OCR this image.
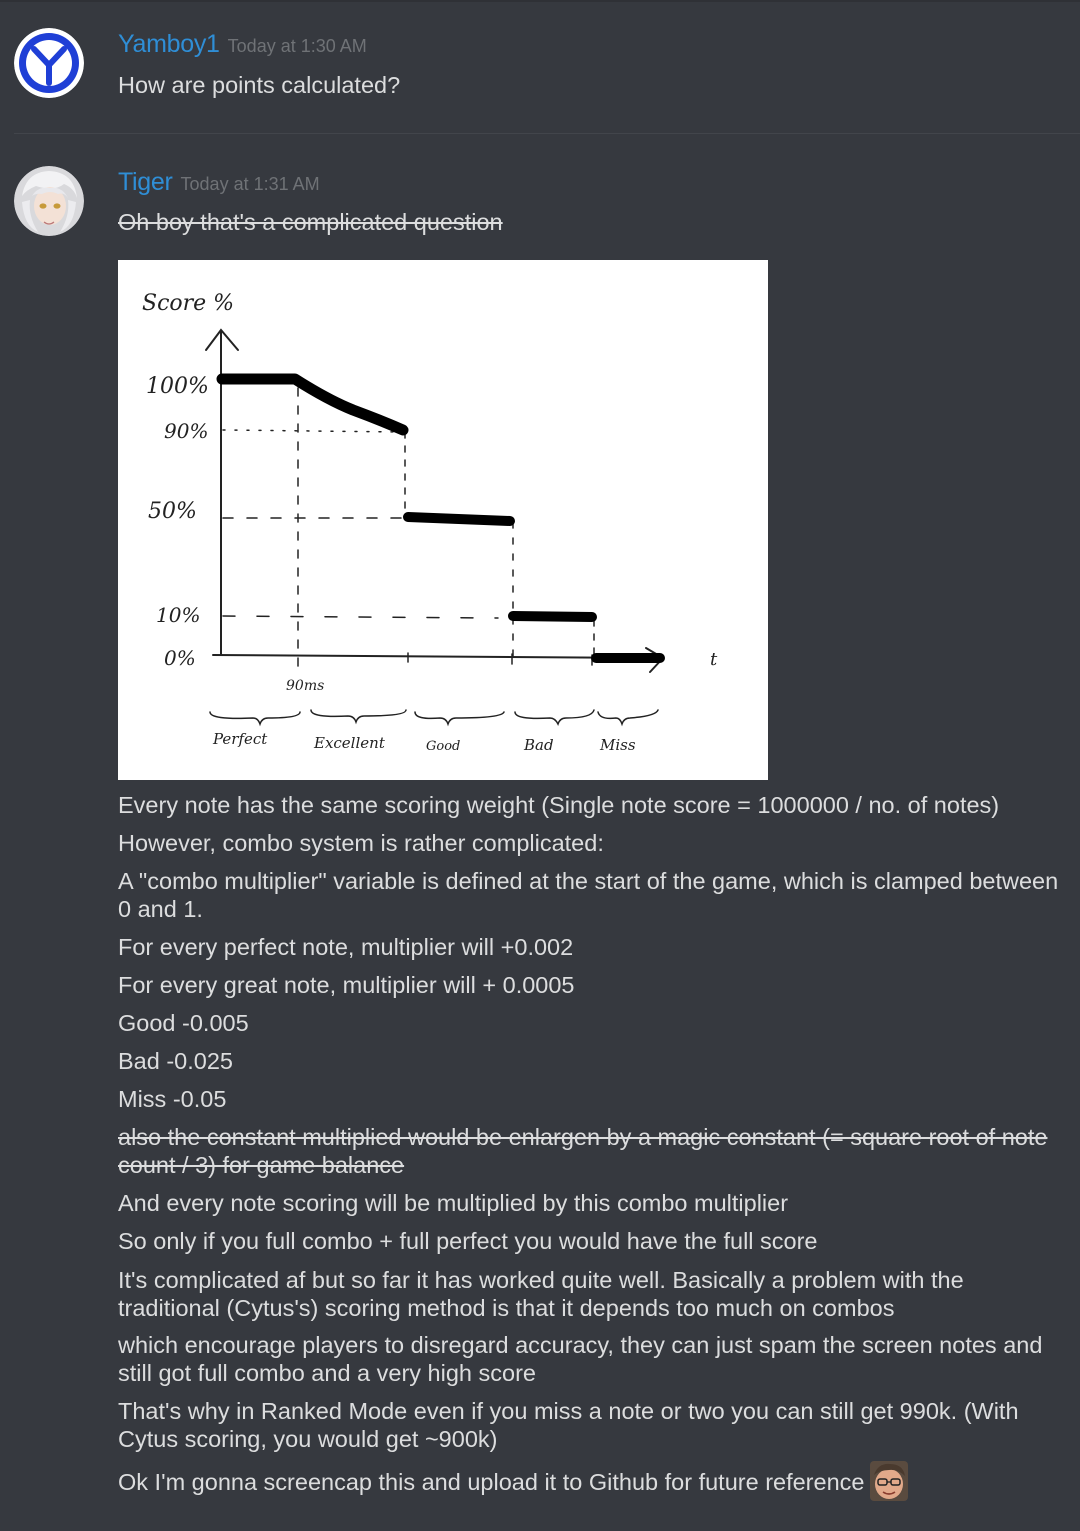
Yamboy1 Today at 1:30 AM
How are points calculated?
Tiger Today at 1:31 AM
Oh boy that's a complicated question
Score %
100%
90%
50%
10%
0%
90ms
t
Perfect	Excellent	Good	Bad	Miss
Every note has the same scoring weight (Single note score = 1000000 / no. of notes)
However, combo system is rather complicated:
A "combo multiplier" variable is defined at the start of the game, which is clamped between 0 and 1.
For every perfect note, multiplier will +0.002
For every great note, multiplier will + 0.0005
Good -0.005
Bad -0.025
Miss -0.05
also the constant multiplied would be enlargen by a magic constant (= square root of note count / 3) for game balance
And every note scoring will be multiplied by this combo multiplier
So only if you full combo + full perfect you would have the full score
It's complicated af but so far it has worked quite well. Basically a problem with the traditional (Cytus's) scoring method is that it depends too much on combos
which encourage players to disregard accuracy, they can just spam the screen notes and still got full combo and a very high score
That's why in Ranked Mode even if you miss a note or two you can still get 990k. (With Cytus scoring, you would get ~900k)
Ok I'm gonna screencap this and upload it to Github for future reference
